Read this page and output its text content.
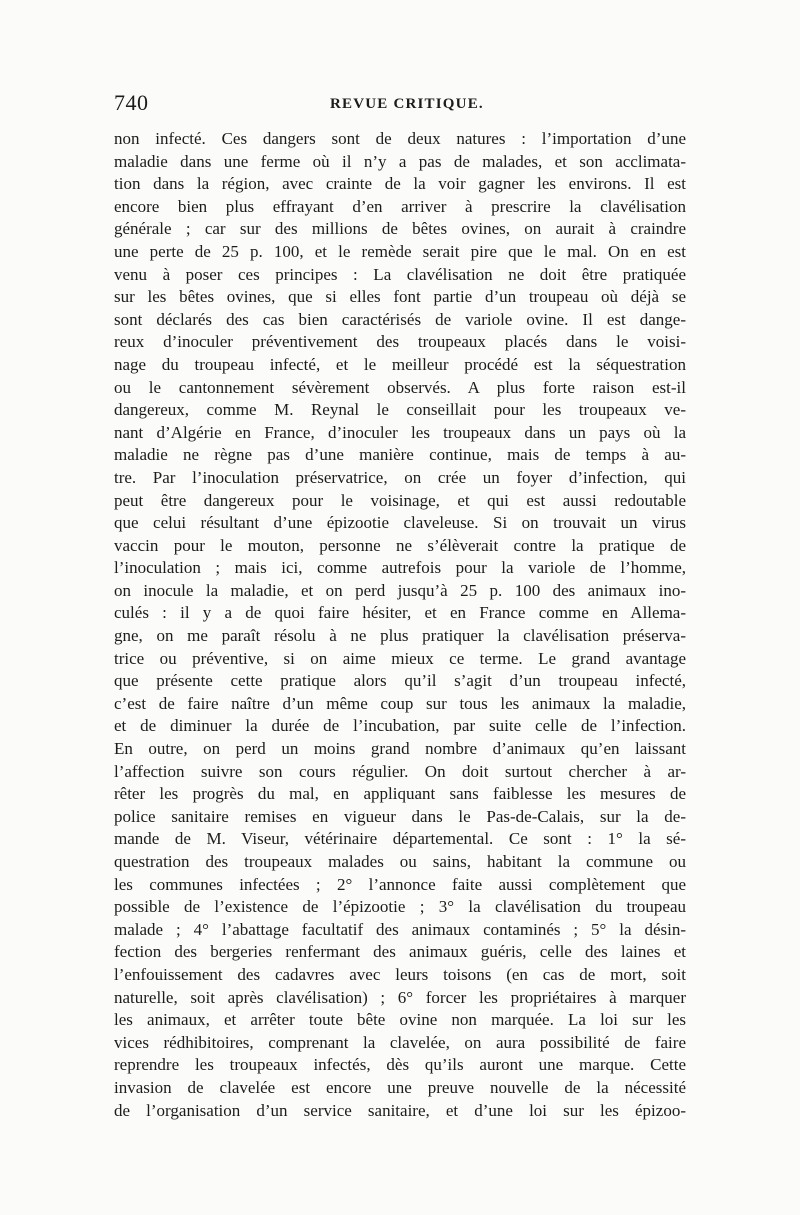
740	REVUE CRITIQUE.
non infecté. Ces dangers sont de deux natures : l’importation d’une
maladie dans une ferme où il n’y a pas de malades, et son acclimata-
tion dans la région, avec crainte de la voir gagner les environs. Il est
encore bien plus effrayant d’en arriver à prescrire la clavélisation
générale ; car sur des millions de bêtes ovines, on aurait à craindre
une perte de 25 p. 100, et le remède serait pire que le mal. On en est
venu à poser ces principes : La clavélisation ne doit être pratiquée
sur les bêtes ovines, que si elles font partie d’un troupeau où déjà se
sont déclarés des cas bien caractérisés de variole ovine. Il est dange-
reux d’inoculer préventivement des troupeaux placés dans le voisi-
nage du troupeau infecté, et le meilleur procédé est la séquestration
ou le cantonnement sévèrement observés. A plus forte raison est-il
dangereux, comme M. Reynal le conseillait pour les troupeaux ve-
nant d’Algérie en France, d’inoculer les troupeaux dans un pays où la
maladie ne règne pas d’une manière continue, mais de temps à au-
tre. Par l’inoculation préservatrice, on crée un foyer d’infection, qui
peut être dangereux pour le voisinage, et qui est aussi redoutable
que celui résultant d’une épizootie claveleuse. Si on trouvait un virus
vaccin pour le mouton, personne ne s’élèverait contre la pratique de
l’inoculation ; mais ici, comme autrefois pour la variole de l’homme,
on inocule la maladie, et on perd jusqu’à 25 p. 100 des animaux ino-
culés : il y a de quoi faire hésiter, et en France comme en Allema-
gne, on me paraît résolu à ne plus pratiquer la clavélisation préserva-
trice ou préventive, si on aime mieux ce terme. Le grand avantage
que présente cette pratique alors qu’il s’agit d’un troupeau infecté,
c’est de faire naître d’un même coup sur tous les animaux la maladie,
et de diminuer la durée de l’incubation, par suite celle de l’infection.
En outre, on perd un moins grand nombre d’animaux qu’en laissant
l’affection suivre son cours régulier. On doit surtout chercher à ar-
rêter les progrès du mal, en appliquant sans faiblesse les mesures de
police sanitaire remises en vigueur dans le Pas-de-Calais, sur la de-
mande de M. Viseur, vétérinaire départemental. Ce sont : 1° la sé-
questration des troupeaux malades ou sains, habitant la commune ou
les communes infectées ; 2° l’annonce faite aussi complètement que
possible de l’existence de l’épizootie ; 3° la clavélisation du troupeau
malade ; 4° l’abattage facultatif des animaux contaminés ; 5° la désin-
fection des bergeries renfermant des animaux guéris, celle des laines et
l’enfouissement des cadavres avec leurs toisons (en cas de mort, soit
naturelle, soit après clavélisation) ; 6° forcer les propriétaires à marquer
les animaux, et arrêter toute bête ovine non marquée. La loi sur les
vices rédhibitoires, comprenant la clavelée, on aura possibilité de faire
reprendre les troupeaux infectés, dès qu’ils auront une marque. Cette
invasion de clavelée est encore une preuve nouvelle de la nécessité
de l’organisation d’un service sanitaire, et d’une loi sur les épizoo-
